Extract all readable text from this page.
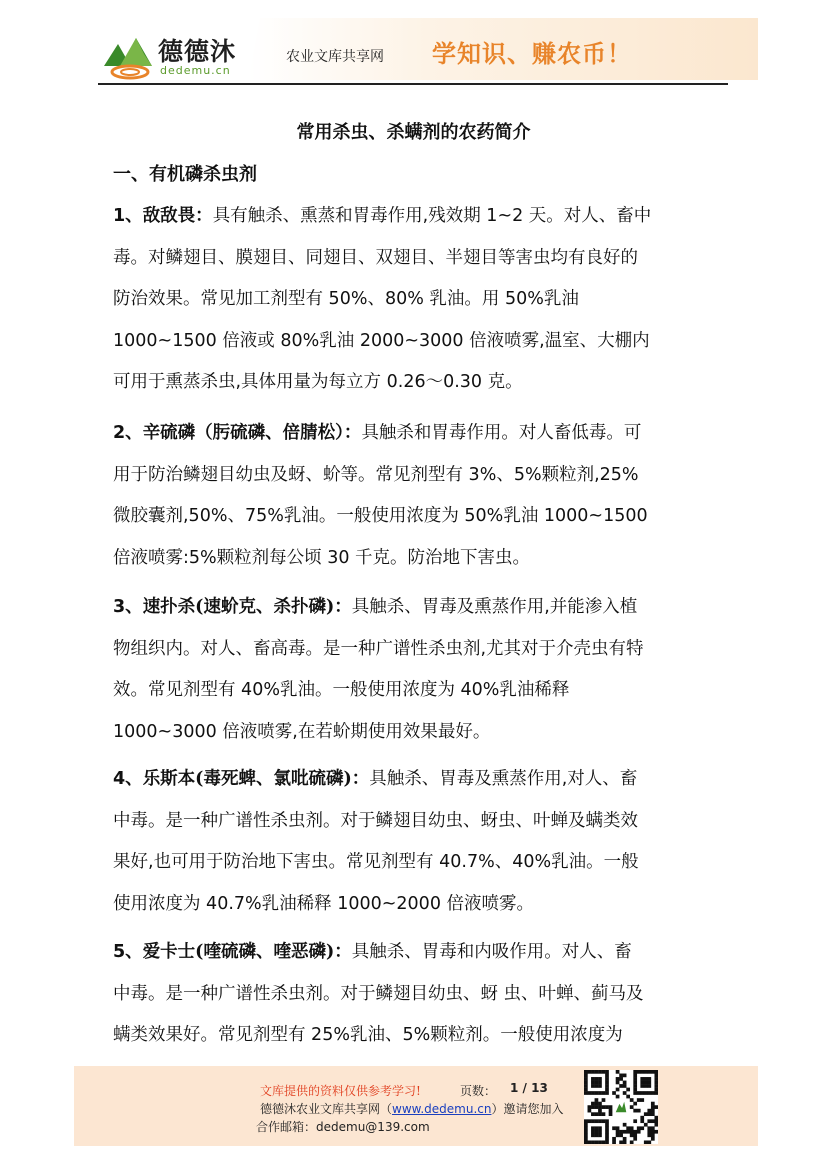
德德沐
dedemu.cn
农业文库共享网 学知识、赚农币！
常用杀虫、杀螨剂的农药简介
一、有机磷杀虫剂
1、敌敌畏：具有触杀、熏蒸和胃毒作用,残效期 1~2 天。对人、畜中
毒。对鳞翅目、膜翅目、同翅目、双翅目、半翅目等害虫均有良好的
防治效果。常见加工剂型有 50%、80% 乳油。用 50%乳油
1000~1500 倍液或 80%乳油 2000~3000 倍液喷雾,温室、大棚内
可用于熏蒸杀虫,具体用量为每立方 0.26～0.30 克。
2、辛硫磷（肟硫磷、倍腈松）：具触杀和胃毒作用。对人畜低毒。可
用于防治鳞翅目幼虫及蚜、蚧等。常见剂型有 3%、5%颗粒剂,25%
微胶囊剂,50%、75%乳油。一般使用浓度为 50%乳油 1000~1500
倍液喷雾:5%颗粒剂每公顷 30 千克。防治地下害虫。
3、速扑杀(速蚧克、杀扑磷)：具触杀、胃毒及熏蒸作用,并能渗入植
物组织内。对人、畜高毒。是一种广谱性杀虫剂,尤其对于介壳虫有特
效。常见剂型有 40%乳油。一般使用浓度为 40%乳油稀释
1000~3000 倍液喷雾,在若蚧期使用效果最好。
4、乐斯本(毒死蜱、氯吡硫磷)：具触杀、胃毒及熏蒸作用,对人、畜
中毒。是一种广谱性杀虫剂。对于鳞翅目幼虫、蚜虫、叶蝉及螨类效
果好,也可用于防治地下害虫。常见剂型有 40.7%、40%乳油。一般
使用浓度为 40.7%乳油稀释 1000~2000 倍液喷雾。
5、爱卡士(喹硫磷、喹恶磷)：具触杀、胃毒和内吸作用。对人、畜
中毒。是一种广谱性杀虫剂。对于鳞翅目幼虫、蚜 虫、叶蝉、蓟马及
螨类效果好。常见剂型有 25%乳油、5%颗粒剂。一般使用浓度为
文库提供的资料仅供参考学习!	页数： 1 / 13
德德沐农业文库共享网（www.dedemu.cn）邀请您加入
合作邮箱：dedemu@139.com
